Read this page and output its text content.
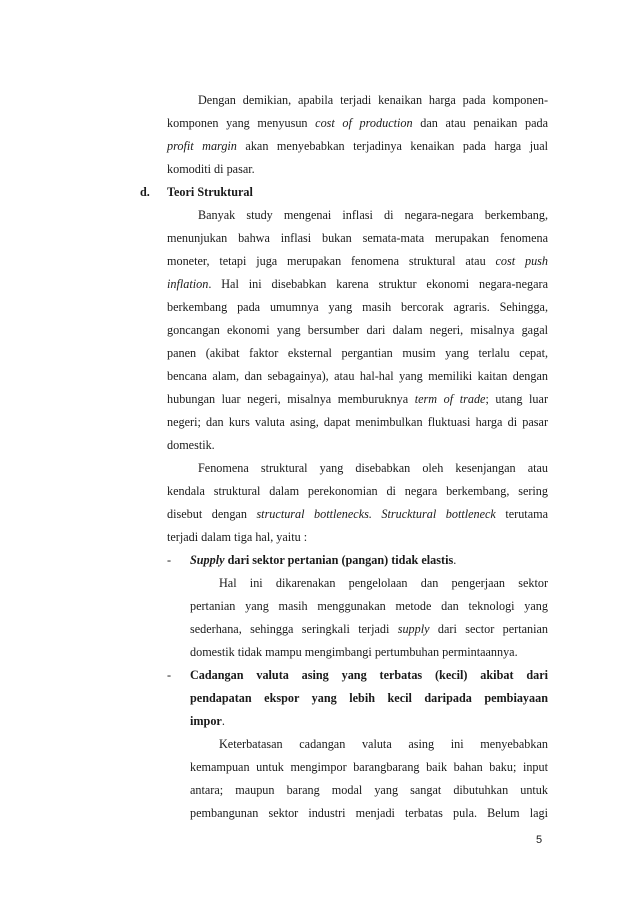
Dengan demikian, apabila terjadi kenaikan harga pada komponen-
komponen yang menyusun cost of production dan atau penaikan pada
profit margin akan menyebabkan terjadinya kenaikan pada harga jual
komoditi di pasar.
d. Teori Struktural
Banyak study mengenai inflasi di negara-negara berkembang,
menunjukan bahwa inflasi bukan semata-mata merupakan fenomena
moneter, tetapi juga merupakan fenomena struktural atau cost push
inflation. Hal ini disebabkan karena struktur ekonomi negara-negara
berkembang pada umumnya yang masih bercorak agraris. Sehingga,
goncangan ekonomi yang bersumber dari dalam negeri, misalnya gagal
panen (akibat faktor eksternal pergantian musim yang terlalu cepat,
bencana alam, dan sebagainya), atau hal-hal yang memiliki kaitan dengan
hubungan luar negeri, misalnya memburuknya term of trade; utang luar
negeri; dan kurs valuta asing, dapat menimbulkan fluktuasi harga di pasar
domestik.
Fenomena struktural yang disebabkan oleh kesenjangan atau
kendala struktural dalam perekonomian di negara berkembang, sering
disebut dengan structural bottlenecks. Strucktural bottleneck terutama
terjadi dalam tiga hal, yaitu :
- Supply dari sektor pertanian (pangan) tidak elastis.
Hal ini dikarenakan pengelolaan dan pengerjaan sektor
pertanian yang masih menggunakan metode dan teknologi yang
sederhana, sehingga seringkali terjadi supply dari sector pertanian
domestik tidak mampu mengimbangi pertumbuhan permintaannya.
- Cadangan valuta asing yang terbatas (kecil) akibat dari
pendapatan ekspor yang lebih kecil daripada pembiayaan
impor.
Keterbatasan cadangan valuta asing ini menyebabkan
kemampuan untuk mengimpor barangbarang baik bahan baku; input
antara; maupun barang modal yang sangat dibutuhkan untuk
pembangunan sektor industri menjadi terbatas pula. Belum lagi
5
